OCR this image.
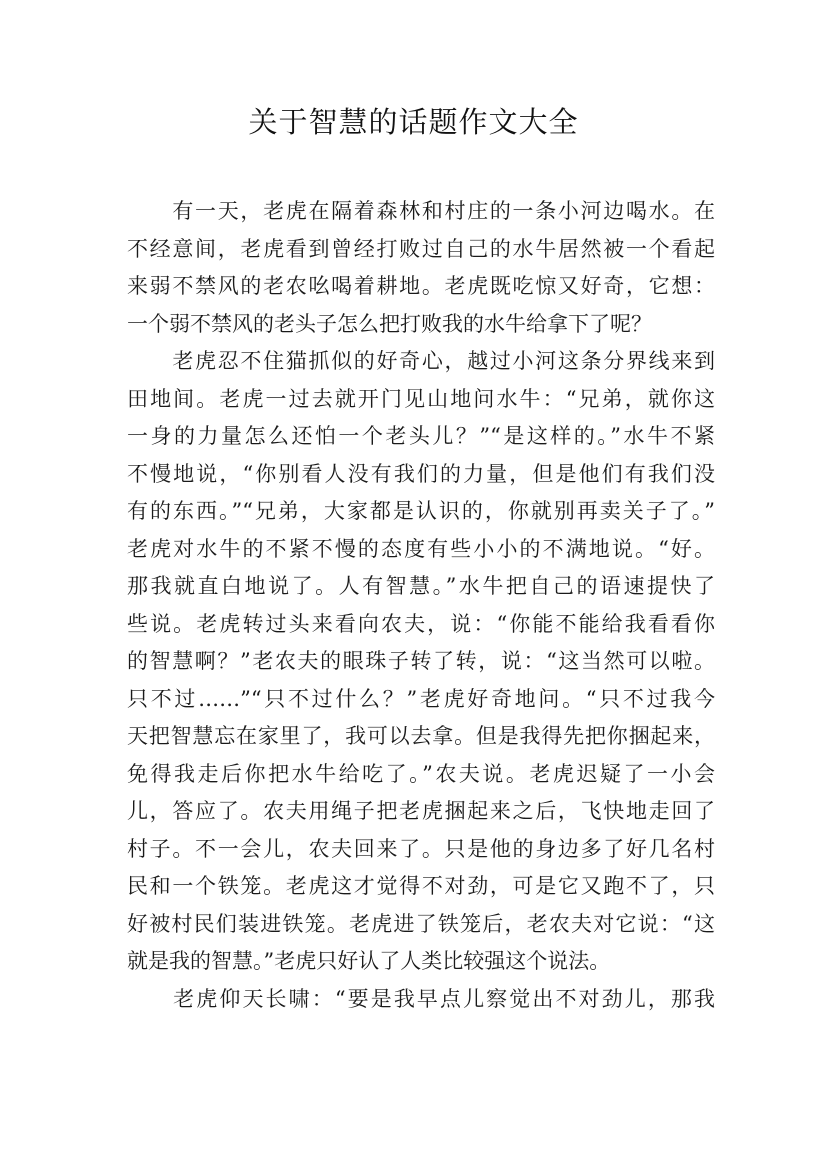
关于智慧的话题作文大全
　　有一天，老虎在隔着森林和村庄的一条小河边喝水。在
不经意间，老虎看到曾经打败过自己的水牛居然被一个看起
来弱不禁风的老农吆喝着耕地。老虎既吃惊又好奇，它想：
一个弱不禁风的老头子怎么把打败我的水牛给拿下了呢？
　　老虎忍不住猫抓似的好奇心，越过小河这条分界线来到
田地间。老虎一过去就开门见山地问水牛：“兄弟，就你这
一身的力量怎么还怕一个老头儿？”“是这样的。”水牛不紧
不慢地说，“你别看人没有我们的力量，但是他们有我们没
有的东西。”“兄弟，大家都是认识的，你就别再卖关子了。”
老虎对水牛的不紧不慢的态度有些小小的不满地说。“好。
那我就直白地说了。人有智慧。”水牛把自己的语速提快了
些说。老虎转过头来看向农夫，说：“你能不能给我看看你
的智慧啊？”老农夫的眼珠子转了转，说：“这当然可以啦。
只不过……”“只不过什么？”老虎好奇地问。“只不过我今
天把智慧忘在家里了，我可以去拿。但是我得先把你捆起来，
免得我走后你把水牛给吃了。”农夫说。老虎迟疑了一小会
儿，答应了。农夫用绳子把老虎捆起来之后，飞快地走回了
村子。不一会儿，农夫回来了。只是他的身边多了好几名村
民和一个铁笼。老虎这才觉得不对劲，可是它又跑不了，只
好被村民们装进铁笼。老虎进了铁笼后，老农夫对它说：“这
就是我的智慧。”老虎只好认了人类比较强这个说法。
　　老虎仰天长啸：“要是我早点儿察觉出不对劲儿，那我
